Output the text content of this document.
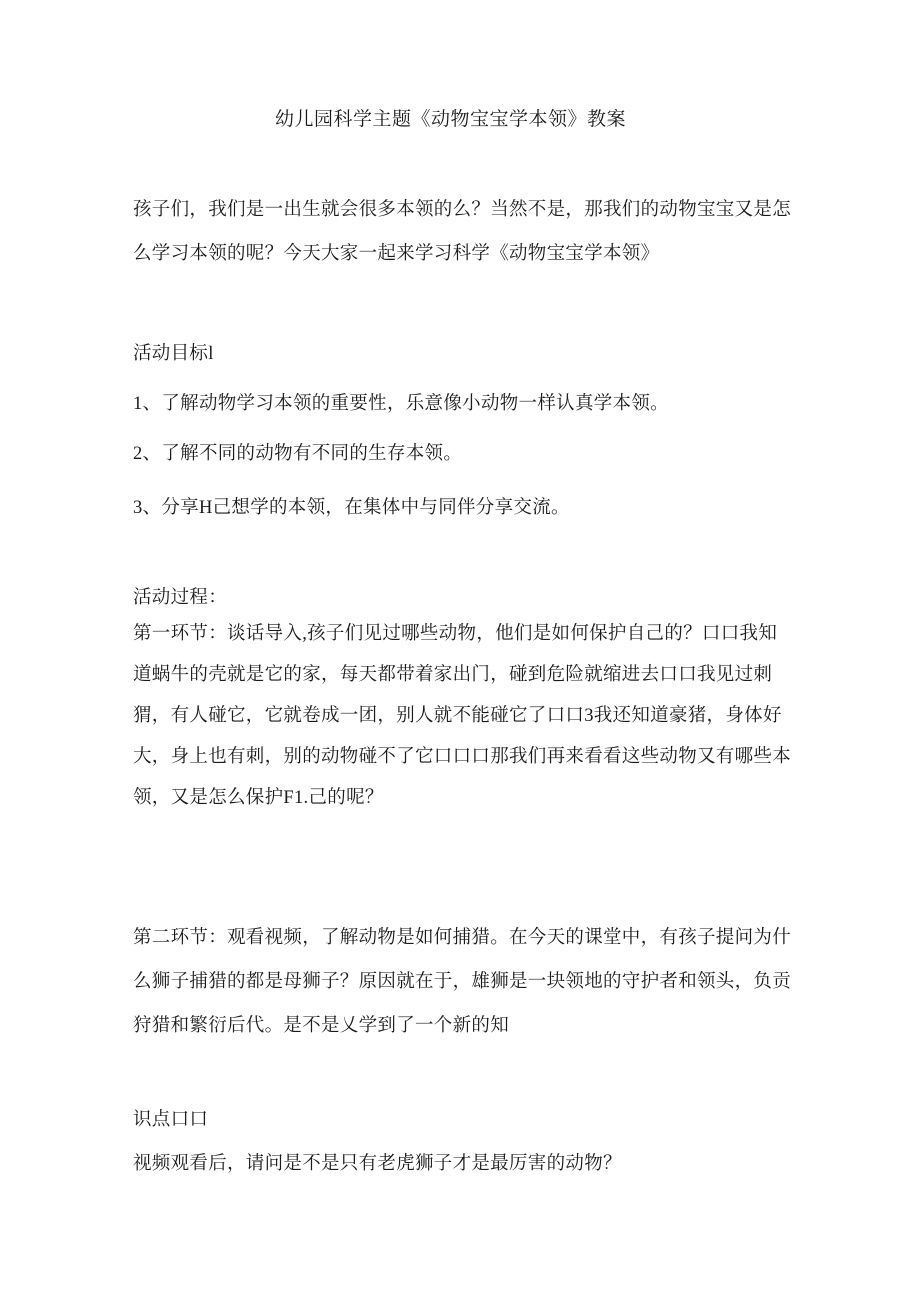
幼儿园科学主题《动物宝宝学本领》教案
孩子们，我们是一出生就会很多本领的么？当然不是，那我们的动物宝宝又是怎么学习本领的呢？今天大家一起来学习科学《动物宝宝学本领》
活动目标l
1、了解动物学习本领的重要性，乐意像小动物一样认真学本领。
2、了解不同的动物有不同的生存本领。
3、分享H己想学的本领，在集体中与同伴分享交流。
活动过程：
第一环节：谈话导入,孩子们见过哪些动物，他们是如何保护自己的？口口我知道蜗牛的壳就是它的家，每天都带着家出门，碰到危险就缩进去口口我见过刺猬，有人碰它，它就卷成一团，别人就不能碰它了口口3我还知道豪猪，身体好大，身上也有刺，别的动物碰不了它口口口那我们再来看看这些动物又有哪些本领，又是怎么保护F1.己的呢？
第二环节：观看视频，了解动物是如何捕猎。在今天的课堂中，有孩子提问为什么狮子捕猎的都是母狮子？原因就在于，雄狮是一块领地的守护者和领头，负贡狩猎和繁衍后代。是不是乂学到了一个新的知
识点口口
视频观看后，请问是不是只有老虎狮子才是最厉害的动物？
